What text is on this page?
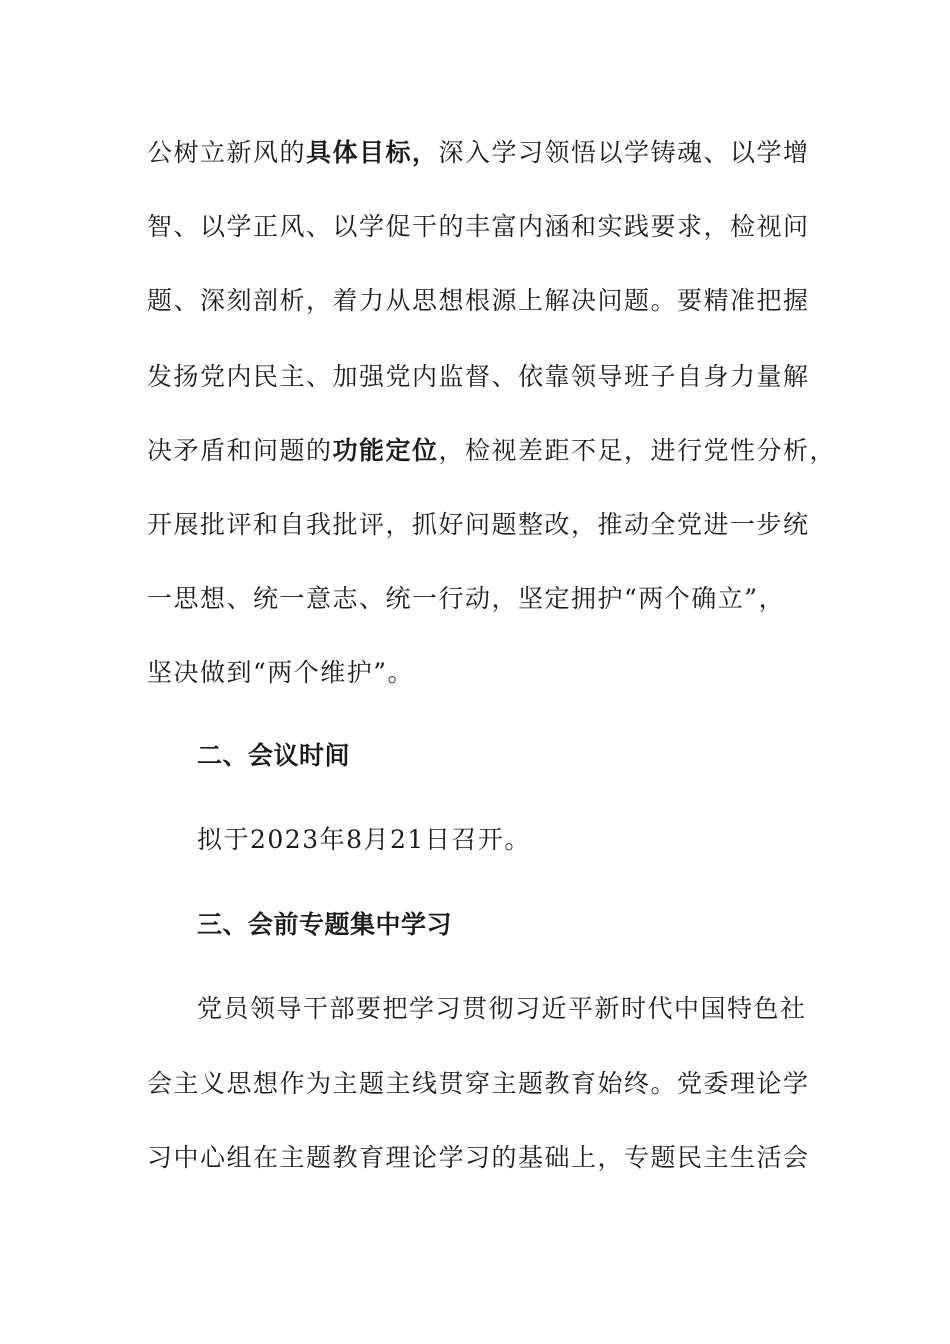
公树立新风的具体目标，深入学习领悟以学铸魂、以学增
智、以学正风、以学促干的丰富内涵和实践要求，检视问
题、深刻剖析，着力从思想根源上解决问题。要精准把握
发扬党内民主、加强党内监督、依靠领导班子自身力量解
决矛盾和问题的功能定位，检视差距不足，进行党性分析，
开展批评和自我批评，抓好问题整改，推动全党进一步统
一思想、统一意志、统一行动，坚定拥护“两个确立”，
坚决做到“两个维护”。
二、会议时间
拟于2023年8月21日召开。
三、会前专题集中学习
党员领导干部要把学习贯彻习近平新时代中国特色社
会主义思想作为主题主线贯穿主题教育始终。党委理论学
习中心组在主题教育理论学习的基础上，专题民主生活会
